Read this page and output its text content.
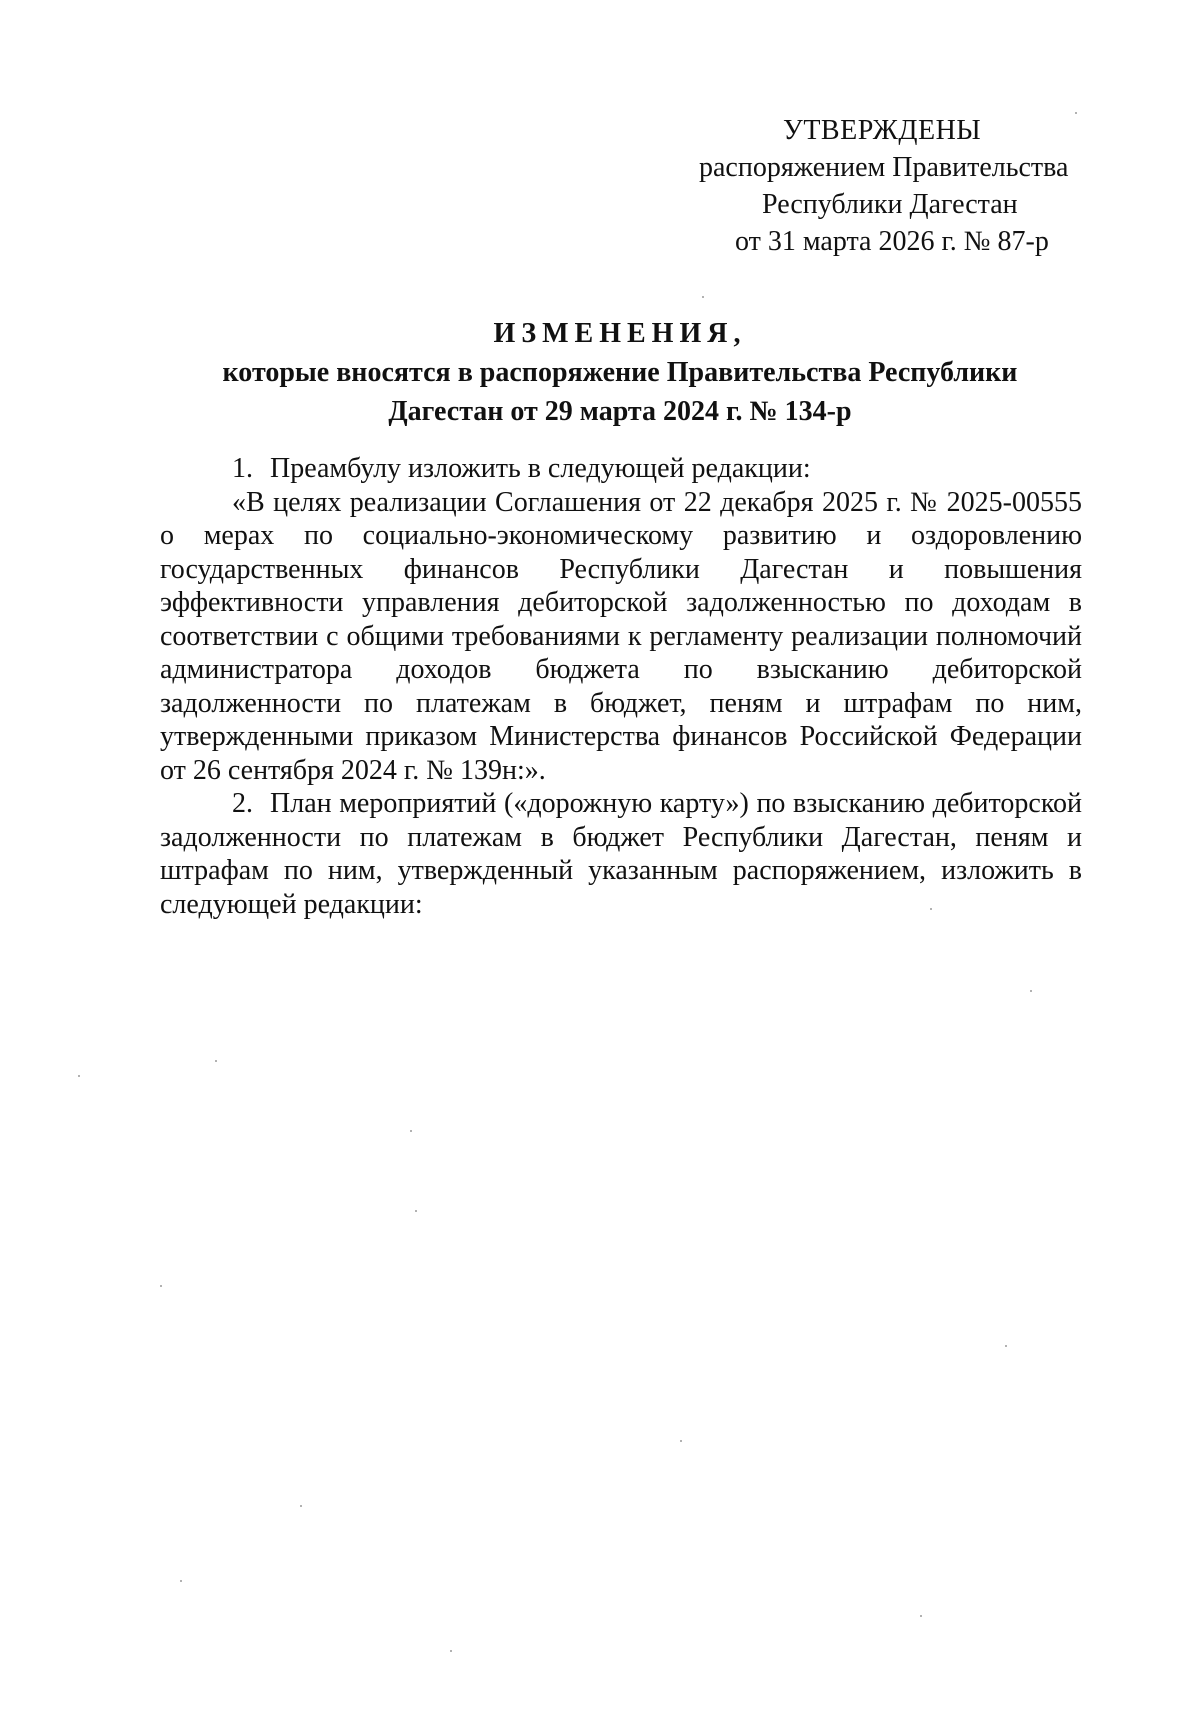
УТВЕРЖДЕНЫ
распоряжением Правительства
Республики Дагестан
от 31 марта 2026 г. № 87-р
ИЗМЕНЕНИЯ,
которые вносятся в распоряжение Правительства Республики
Дагестан от 29 марта 2024 г. № 134-р

1. Преамбулу изложить в следующей редакции:

«В целях реализации Соглашения от 22 декабря 2025 г. № 2025-00555 о мерах по социально-экономическому развитию и оздоровлению государственных финансов Республики Дагестан и повышения эффективности управления дебиторской задолженностью по доходам в соответствии с общими требованиями к регламенту реализации полномочий администратора доходов бюджета по взысканию дебиторской задолженности по платежам в бюджет, пеням и штрафам по ним, утвержденными приказом Министерства финансов Российской Федерации от 26 сентября 2024 г. № 139н:».

2. План мероприятий («дорожную карту») по взысканию дебиторской задолженности по платежам в бюджет Республики Дагестан, пеням и штрафам по ним, утвержденный указанным распоряжением, изложить в следующей редакции:
